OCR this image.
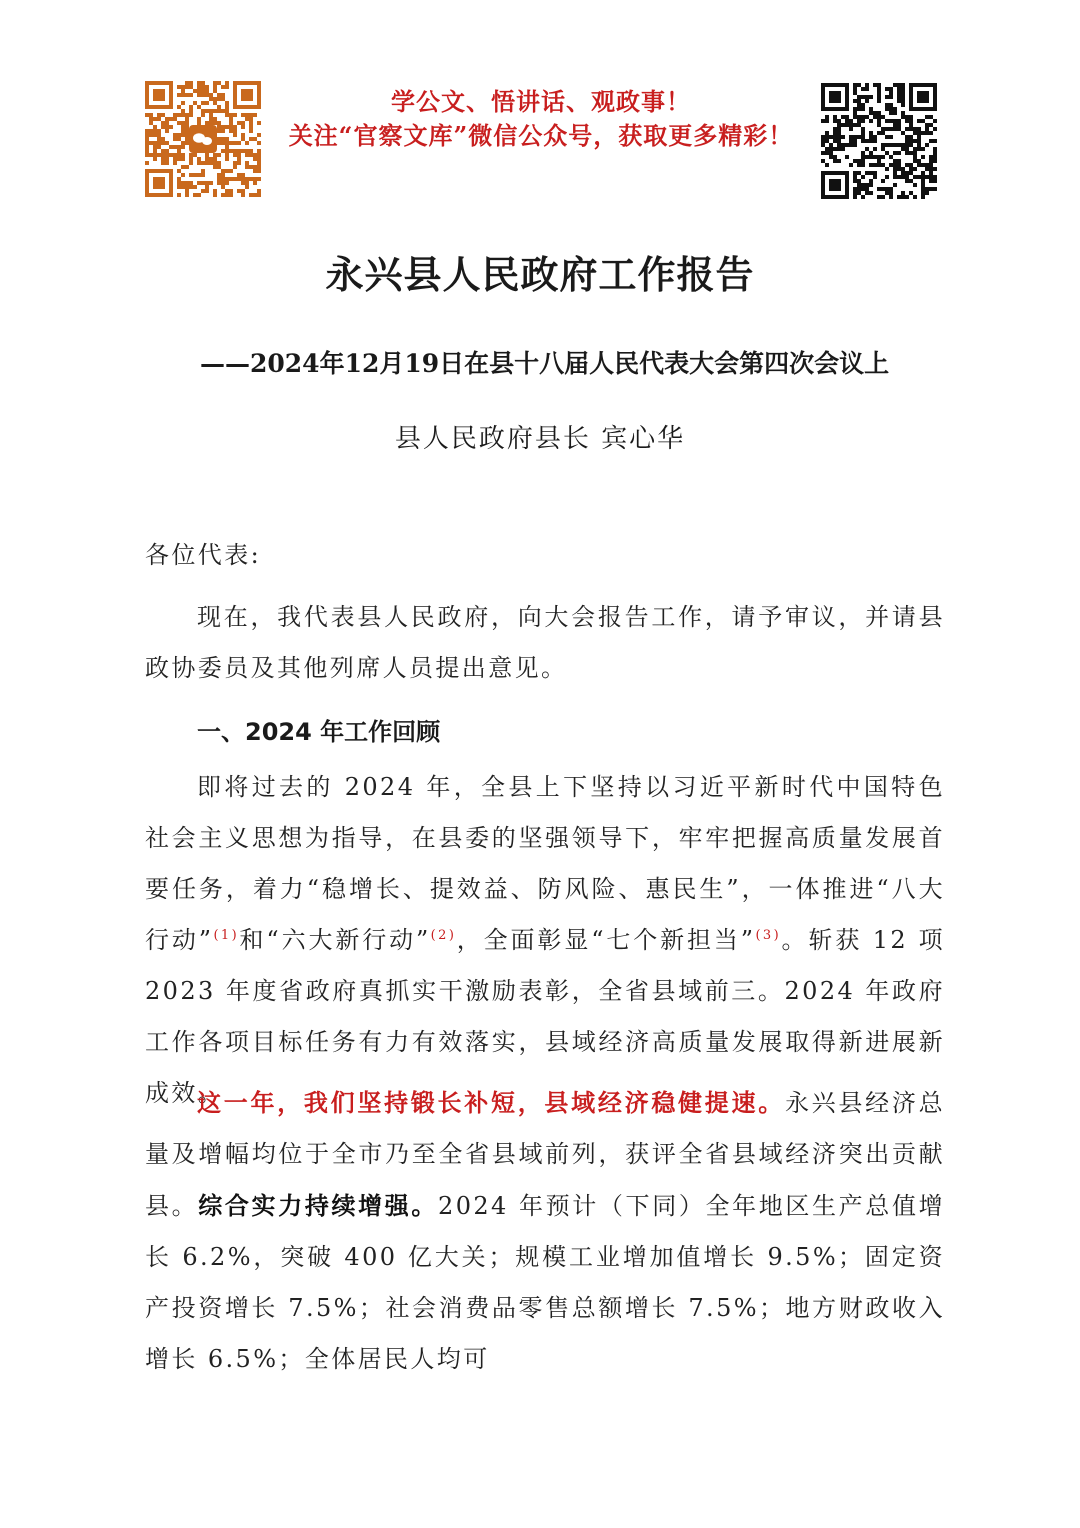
学公文、悟讲话、观政事！
关注“官察文库”微信公众号，获取更多精彩！
永兴县人民政府工作报告
——2024年12月19日在县十八届人民代表大会第四次会议上
县人民政府县长 宾心华
各位代表:
现在，我代表县人民政府，向大会报告工作，请予审议，并请县政协委员及其他列席人员提出意见。
一、2024 年工作回顾
即将过去的 2024 年，全县上下坚持以习近平新时代中国特色社会主义思想为指导，在县委的坚强领导下，牢牢把握高质量发展首要任务，着力“稳增长、提效益、防风险、惠民生”，一体推进“八大行动”$^{(1)}$和“六大新行动”$^{(2)}$，全面彰显“七个新担当”$^{(3)}$。斩获 12 项 2023 年度省政府真抓实干激励表彰，全省县域前三。2024 年政府工作各项目标任务有力有效落实，县域经济高质量发展取得新进展新成效。
这一年，我们坚持锻长补短，县域经济稳健提速。永兴县经济总量及增幅均位于全市乃至全省县域前列，获评全省县域经济突出贡献县。综合实力持续增强。2024 年预计（下同）全年地区生产总值增长 6.2%，突破 400 亿大关；规模工业增加值增长 9.5%；固定资产投资增长 7.5%；社会消费品零售总额增长 7.5%；地方财政收入增长 6.5%；全体居民人均可
